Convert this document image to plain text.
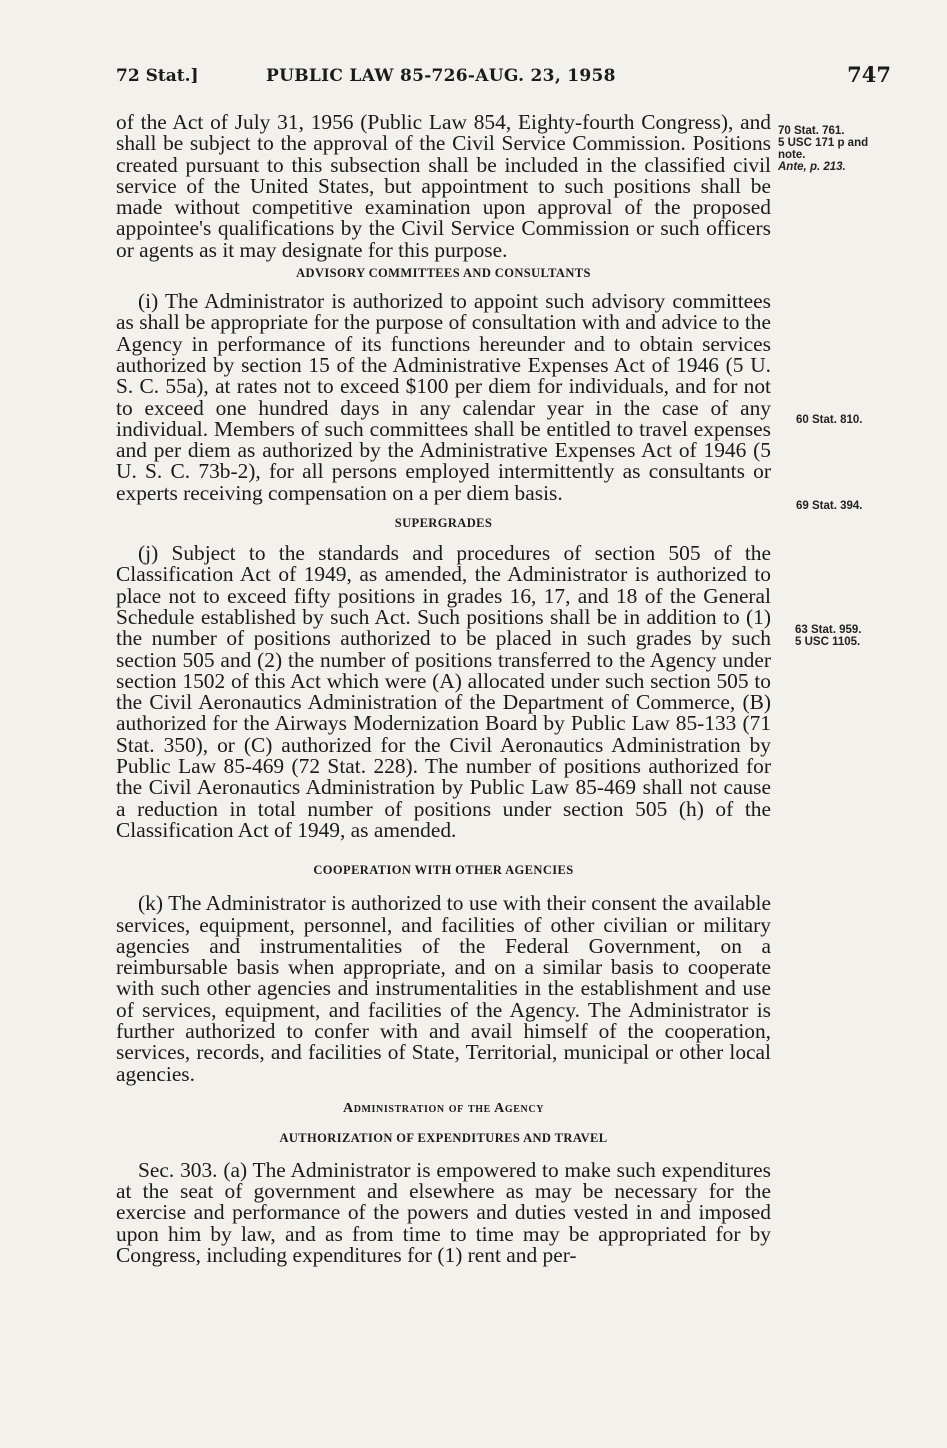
72 Stat.]	PUBLIC LAW 85-726-AUG. 23, 1958	747

of the Act of July 31, 1956 (Public Law 854, Eighty-fourth Congress), and shall be subject to the approval of the Civil Service Commission. Positions created pursuant to this subsection shall be included in the classified civil service of the United States, but appointment to such positions shall be made without competitive examination upon approval of the proposed appointee's qualifications by the Civil Service Commission or such officers or agents as it may designate for this purpose.

ADVISORY COMMITTEES AND CONSULTANTS

(i) The Administrator is authorized to appoint such advisory committees as shall be appropriate for the purpose of consultation with and advice to the Agency in performance of its functions hereunder and to obtain services authorized by section 15 of the Administrative Expenses Act of 1946 (5 U. S. C. 55a), at rates not to exceed $100 per diem for individuals, and for not to exceed one hundred days in any calendar year in the case of any individual. Members of such committees shall be entitled to travel expenses and per diem as authorized by the Administrative Expenses Act of 1946 (5 U. S. C. 73b-2), for all persons employed intermittently as consultants or experts receiving compensation on a per diem basis.

SUPERGRADES

(j) Subject to the standards and procedures of section 505 of the Classification Act of 1949, as amended, the Administrator is authorized to place not to exceed fifty positions in grades 16, 17, and 18 of the General Schedule established by such Act. Such positions shall be in addition to (1) the number of positions authorized to be placed in such grades by such section 505 and (2) the number of positions transferred to the Agency under section 1502 of this Act which were (A) allocated under such section 505 to the Civil Aeronautics Administration of the Department of Commerce, (B) authorized for the Airways Modernization Board by Public Law 85-133 (71 Stat. 350), or (C) authorized for the Civil Aeronautics Administration by Public Law 85-469 (72 Stat. 228). The number of positions authorized for the Civil Aeronautics Administration by Public Law 85-469 shall not cause a reduction in total number of positions under section 505 (h) of the Classification Act of 1949, as amended.

COOPERATION WITH OTHER AGENCIES

(k) The Administrator is authorized to use with their consent the available services, equipment, personnel, and facilities of other civilian or military agencies and instrumentalities of the Federal Government, on a reimbursable basis when appropriate, and on a similar basis to cooperate with such other agencies and instrumentalities in the establishment and use of services, equipment, and facilities of the Agency. The Administrator is further authorized to confer with and avail himself of the cooperation, services, records, and facilities of State, Territorial, municipal or other local agencies.

Administration of the Agency

AUTHORIZATION OF EXPENDITURES AND TRAVEL

Sec. 303. (a) The Administrator is empowered to make such expenditures at the seat of government and elsewhere as may be necessary for the exercise and performance of the powers and duties vested in and imposed upon him by law, and as from time to time may be appropriated for by Congress, including expenditures for (1) rent and per-

70 Stat. 761.
5 USC 171 p and
note.
Ante, p. 213.
60 Stat. 810.
69 Stat. 394.
63 Stat. 959.
5 USC 1105.
